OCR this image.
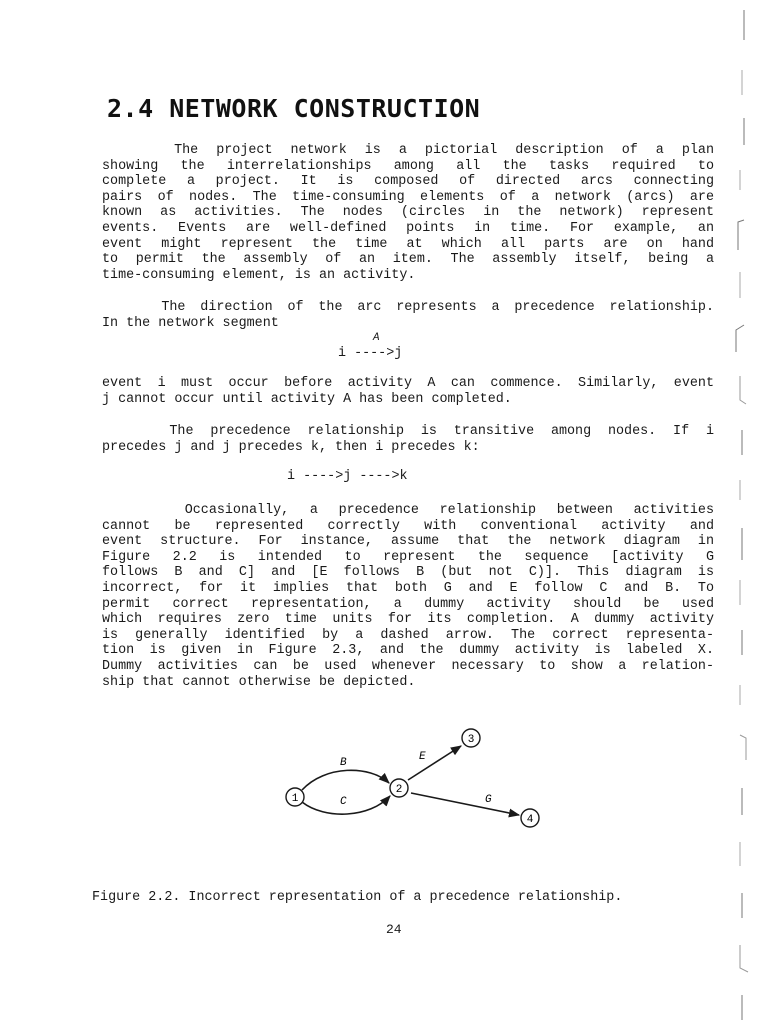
2.4 NETWORK CONSTRUCTION
The project network is a pictorial description of a plan
showing the interrelationships among all the tasks required to
complete a project. It is composed of directed arcs connecting
pairs of nodes. The time-consuming elements of a network (arcs) are
known as activities. The nodes (circles in the network) represent
events. Events are well-defined points in time. For example, an
event might represent the time at which all parts are on hand
to permit the assembly of an item. The assembly itself, being a
time-consuming element, is an activity.
The direction of the arc represents a precedence relationship.
In the network segment
A
i ---->j
event i must occur before activity A can commence. Similarly, event
j cannot occur until activity A has been completed.
The precedence relationship is transitive among nodes. If i
precedes j and j precedes k, then i precedes k:
i ---->j ---->k
Occasionally, a precedence relationship between activities
cannot be represented correctly with conventional activity and
event structure. For instance, assume that the network diagram in
Figure 2.2 is intended to represent the sequence [activity G
follows B and C] and [E follows B (but not C)]. This diagram is
incorrect, for it implies that both G and E follow C and B. To
permit correct representation, a dummy activity should be used
which requires zero time units for its completion. A dummy activity
is generally identified by a dashed arrow. The correct representa-
tion is given in Figure 2.3, and the dummy activity is labeled X.
Dummy activities can be used whenever necessary to show a relation-
ship that cannot otherwise be depicted.
1
2
3
4
B
C
E
G
Figure 2.2. Incorrect representation of a precedence relationship.
24
